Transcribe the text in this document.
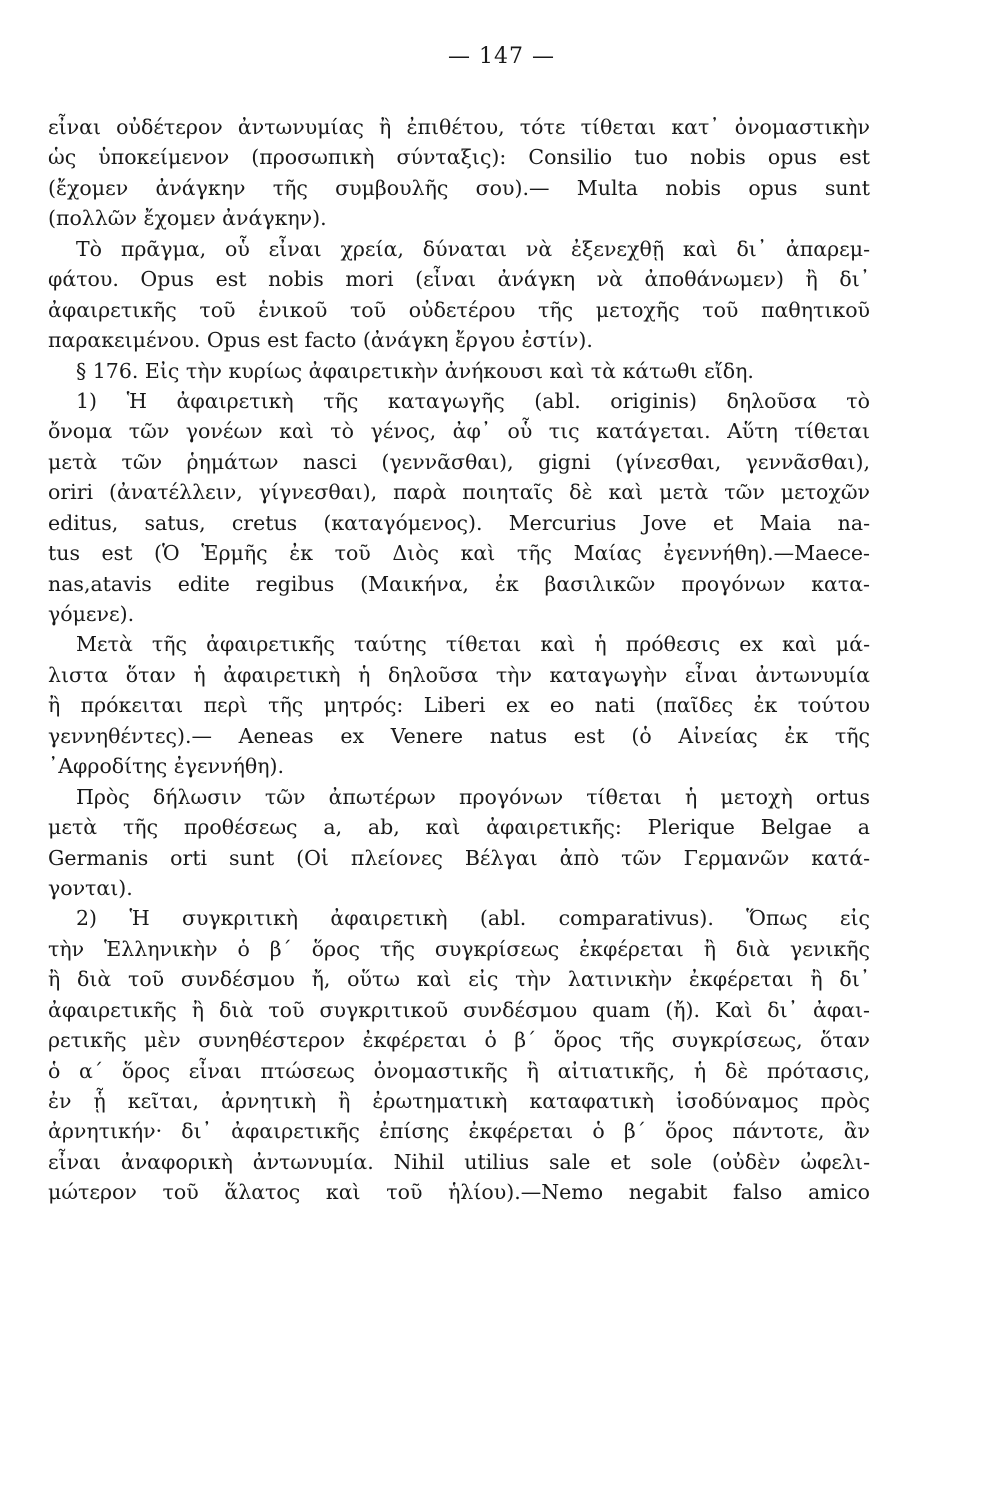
— 147 —
εἶναι οὐδέτερον ἀντωνυμίας ἢ ἐπιθέτου, τότε τίθεται κατ᾽ ὀνομαστικὴν
ὡς ὑποκείμενον (προσωπικὴ σύνταξις): Consilio tuo nobis opus est
(ἔχομεν ἀνάγκην τῆς συμβουλῆς σου).— Multa nobis opus sunt
(πολλῶν ἔχομεν ἀνάγκην).
Τὸ πρᾶγμα, οὗ εἶναι χρεία, δύναται νὰ ἐξενεχθῇ καὶ δι᾽ ἀπαρεμ-
φάτου. Opus est nobis mori (εἶναι ἀνάγκη νὰ ἀποθάνωμεν) ἢ δι᾽
ἀφαιρετικῆς τοῦ ἑνικοῦ τοῦ οὐδετέρου τῆς μετοχῆς τοῦ παθητικοῦ
παρακειμένου. Opus est facto (ἀνάγκη ἔργου ἐστίν).
§ 176. Εἰς τὴν κυρίως ἀφαιρετικὴν ἀνήκουσι καὶ τὰ κάτωθι εἴδη.
1) Ἡ ἀφαιρετικὴ τῆς καταγωγῆς (abl. originis) δηλοῦσα τὸ
ὄνομα τῶν γονέων καὶ τὸ γένος, ἀφ᾽ οὗ τις κατάγεται. Αὕτη τίθεται
μετὰ τῶν ῥημάτων nasci (γεννᾶσθαι), gigni (γίνεσθαι, γεννᾶσθαι),
oriri (ἀνατέλλειν, γίγνεσθαι), παρὰ ποιηταῖς δὲ καὶ μετὰ τῶν μετοχῶν
editus, satus, cretus (καταγόμενος). Mercurius Jove et Maia na-
tus est (Ὁ Ἑρμῆς ἐκ τοῦ Διὸς καὶ τῆς Μαίας ἐγεννήθη).—Maece-
nas,atavis edite regibus (Μαικήνα, ἐκ βασιλικῶν προγόνων κατα-
γόμενε).
Μετὰ τῆς ἀφαιρετικῆς ταύτης τίθεται καὶ ἡ πρόθεσις ex καὶ μά-
λιστα ὅταν ἡ ἀφαιρετικὴ ἡ δηλοῦσα τὴν καταγωγὴν εἶναι ἀντωνυμία
ἢ πρόκειται περὶ τῆς μητρός: Liberi ex eo nati (παῖδες ἐκ τούτου
γεννηθέντες).— Aeneas ex Venere natus est (ὁ Αἰνείας ἐκ τῆς
᾽Αφροδίτης ἐγεννήθη).
Πρὸς δήλωσιν τῶν ἀπωτέρων προγόνων τίθεται ἡ μετοχὴ ortus
μετὰ τῆς προθέσεως a, ab, καὶ ἀφαιρετικῆς: Plerique Belgae a
Germanis orti sunt (Οἱ πλείονες Βέλγαι ἀπὸ τῶν Γερμανῶν κατά-
γονται).
2) Ἡ συγκριτικὴ ἀφαιρετικὴ (abl. comparativus). Ὅπως εἰς
τὴν Ἑλληνικὴν ὁ β´ ὅρος τῆς συγκρίσεως ἐκφέρεται ἢ διὰ γενικῆς
ἢ διὰ τοῦ συνδέσμου ἤ, οὕτω καὶ εἰς τὴν λατινικὴν ἐκφέρεται ἢ δι᾽
ἀφαιρετικῆς ἢ διὰ τοῦ συγκριτικοῦ συνδέσμου quam (ἤ). Καὶ δι᾽ ἀφαι-
ρετικῆς μὲν συνηθέστερον ἐκφέρεται ὁ β´ ὅρος τῆς συγκρίσεως, ὅταν
ὁ α´ ὅρος εἶναι πτώσεως ὀνομαστικῆς ἢ αἰτιατικῆς, ἡ δὲ πρότασις,
ἐν ᾗ κεῖται, ἀρνητικὴ ἢ ἐρωτηματικὴ καταφατικὴ ἰσοδύναμος πρὸς
ἀρνητικήν· δι᾽ ἀφαιρετικῆς ἐπίσης ἐκφέρεται ὁ β´ ὅρος πάντοτε, ἂν
εἶναι ἀναφορικὴ ἀντωνυμία. Nihil utilius sale et sole (οὐδὲν ὠφελι-
μώτερον τοῦ ἅλατος καὶ τοῦ ἡλίου).—Nemo negabit falso amico
